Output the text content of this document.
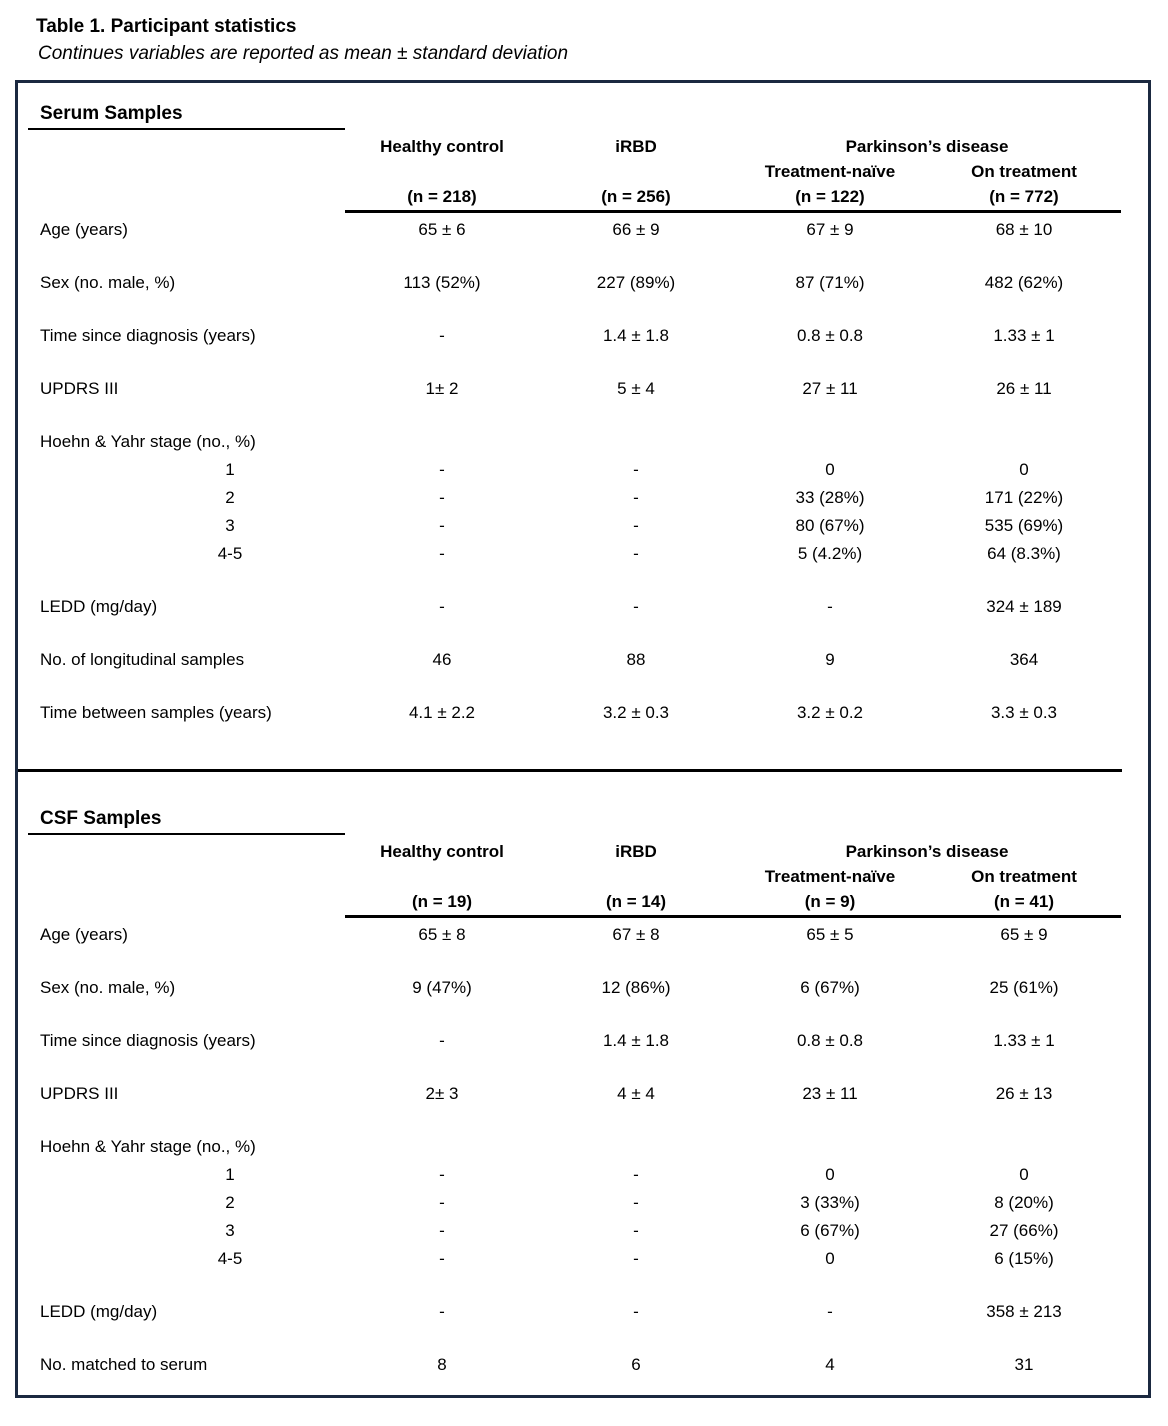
Table 1. Participant statistics
Continues variables are reported as mean ± standard deviation
Serum Samples
Healthy control	iRBD	Parkinson’s disease
Treatment-naïve	On treatment
(n = 218)	(n = 256)	(n = 122)	(n = 772)
Age (years)	65 ± 6	66 ± 9	67 ± 9	68 ± 10
Sex (no. male, %)	113 (52%)	227 (89%)	87 (71%)	482 (62%)
Time since diagnosis (years)	-	1.4 ± 1.8	0.8 ± 0.8	1.33 ± 1
UPDRS III	1± 2	5 ± 4	27 ± 11	26 ± 11
Hoehn & Yahr stage (no., %)
1	-	-	0	0
2	-	-	33 (28%)	171 (22%)
3	-	-	80 (67%)	535 (69%)
4-5	-	-	5 (4.2%)	64 (8.3%)
LEDD (mg/day)	-	-	-	324 ± 189
No. of longitudinal samples	46	88	9	364
Time between samples (years)	4.1 ± 2.2	3.2 ± 0.3	3.2 ± 0.2	3.3 ± 0.3
CSF Samples
Healthy control	iRBD	Parkinson’s disease
Treatment-naïve	On treatment
(n = 19)	(n = 14)	(n = 9)	(n = 41)
Age (years)	65 ± 8	67 ± 8	65 ± 5	65 ± 9
Sex (no. male, %)	9 (47%)	12 (86%)	6 (67%)	25 (61%)
Time since diagnosis (years)	-	1.4 ± 1.8	0.8 ± 0.8	1.33 ± 1
UPDRS III	2± 3	4 ± 4	23 ± 11	26 ± 13
Hoehn & Yahr stage (no., %)
1	-	-	0	0
2	-	-	3 (33%)	8 (20%)
3	-	-	6 (67%)	27 (66%)
4-5	-	-	0	6 (15%)
LEDD (mg/day)	-	-	-	358 ± 213
No. matched to serum	8	6	4	31
